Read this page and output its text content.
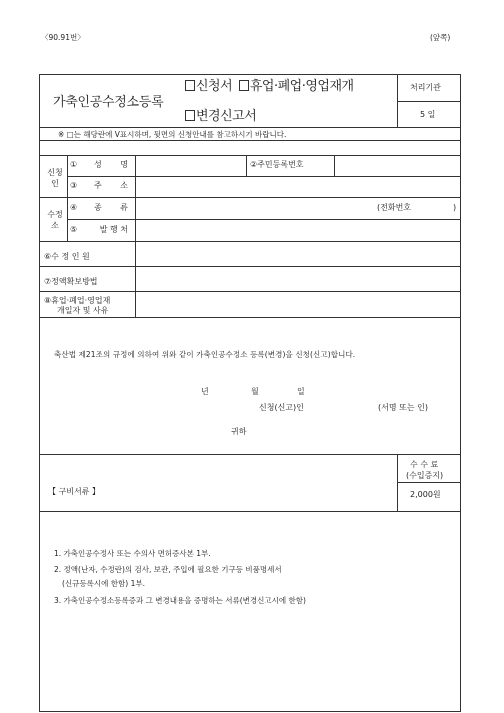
〈90.91번〉	(앞쪽)
가축인공수정소등록
신청서 휴업·폐업·영업재개
변경신고서
처리기관
5 일
※ □는 해당란에 V표시하며, 뒷면의 신청안내를 참고하시기 바랍니다.
신청인
① 성 명	②주민등록번호
③ 주 소
수정소
④ 종 류	(전화번호	)
⑤	발 행 처
⑥수 정 인 원
⑦정액확보방법
⑧휴업·폐업·영업재
개일자 및 사유
축산법 제21조의 규정에 의하여 위와 같이 가축인공수정소 등록(변경)을 신청(신고)합니다.
년	월	일
신청(신고)인	(서명 또는 인)
귀하
수 수 료
(수입증지)
2,000원
【 구비서류 】
1. 가축인공수정사 또는 수의사 면허증사본 1부.
2. 정액(난자, 수정란)의 검사, 보관, 주입에 필요한 기구등 비품명세서
(신규등록시에 한함) 1부.
3. 가축인공수정소등록증과 그 변경내용을 증명하는 서류(변경신고시에 한함)
